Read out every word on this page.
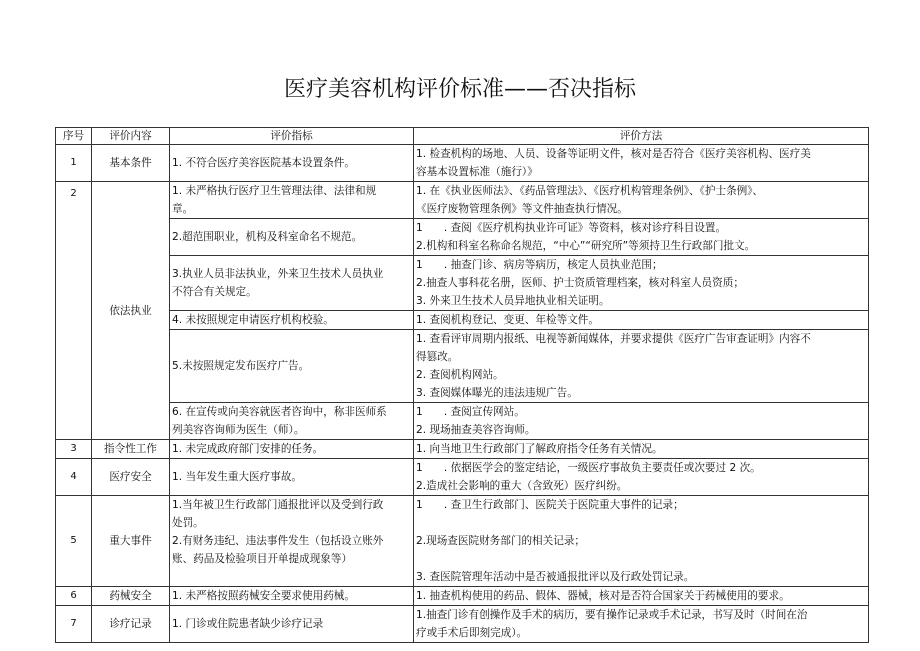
医疗美容机构评价标准——否决指标
序号	评价内容	评价指标	评价方法
1	基本条件	1. 不符合医疗美容医院基本设置条件。	1. 检查机构的场地、人员、设备等证明文件，核对是否符合《医疗美容机构、医疗美
容基本设置标准（施行）》

2	依法执业	1. 未严格执行医疗卫生管理法律、法律和规
章。	1. 在《执业医师法》、《药品管理法》、《医疗机构管理条例》、《护士条例》、
《医疗废物管理条例》等文件抽查执行情况。

		2.超范围职业，机构及科室命名不规范。	1　　. 查阅《医疗机构执业许可证》等资料，核对诊疗科目设置。
2.机构和科室名称命名规范，“中心”“研究所”等须持卫生行政部门批文。

		3.执业人员非法执业，外来卫生技术人员执业
不符合有关规定。	1　　. 抽查门诊、病房等病历，核定人员执业范围；
2.抽查人事科花名册，医师、护士资质管理档案，核对科室人员资质；
3. 外来卫生技术人员异地执业相关证明。

		4. 未按照规定申请医疗机构校验。	1. 查阅机构登记、变更、年检等文件。

		5.未按照规定发布医疗广告。	1. 查看评审周期内报纸、电视等新闻媒体，并要求提供《医疗广告审查证明》内容不
得篡改。
2. 查阅机构网站。
3. 查阅媒体曝光的违法违规广告。

		6. 在宣传或向美容就医者咨询中，称非医师系
列美容咨询师为医生（师）。	1　　. 查阅宣传网站。
2. 现场抽查美容咨询师。

3	指令性工作	1. 未完成政府部门安排的任务。	1. 向当地卫生行政部门了解政府指令任务有关情况。

4	医疗安全	1. 当年发生重大医疗事故。	1　　. 依据医学会的鉴定结论，一级医疗事故负主要责任或次要过 2 次。
2.造成社会影响的重大（含致死）医疗纠纷。

5	重大事件	1.当年被卫生行政部门通报批评以及受到行政
处罚。
2.有财务违纪、违法事件发生（包括设立账外
账、药品及检验项目开单提成现象等）	1　　. 查卫生行政部门、医院关于医院重大事件的记录；

2.现场查医院财务部门的相关记录；

3. 查医院管理年活动中是否被通报批评以及行政处罚记录。

6	药械安全	1. 未严格按照药械安全要求使用药械。	1. 抽查机构使用的药品、假体、器械，核对是否符合国家关于药械使用的要求。

7	诊疗记录	1. 门诊或住院患者缺少诊疗记录	1.抽查门诊有创操作及手术的病历，要有操作记录或手术记录，书写及时（时间在治
疗或手术后即刻完成）。
